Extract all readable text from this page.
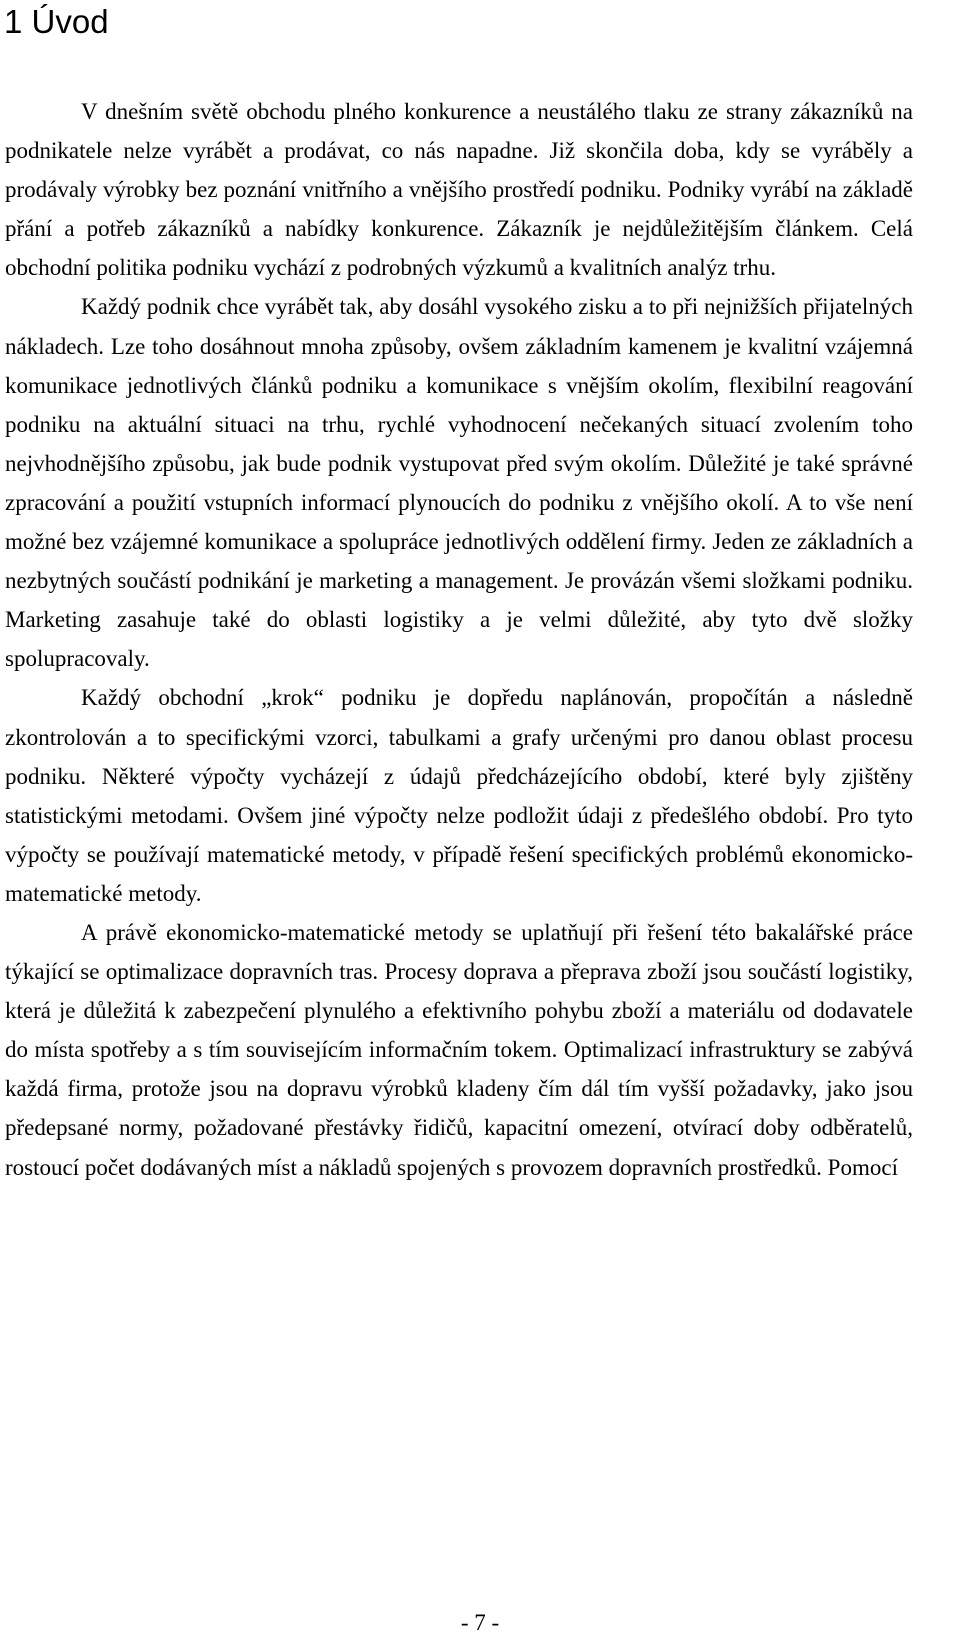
1 Úvod

V dnešním světě obchodu plného konkurence a neustálého tlaku ze strany zákazníků na podnikatele nelze vyrábět a prodávat, co nás napadne. Již skončila doba, kdy se vyráběly a prodávaly výrobky bez poznání vnitřního a vnějšího prostředí podniku. Podniky vyrábí na základě přání a potřeb zákazníků a nabídky konkurence. Zákazník je nejdůležitějším článkem. Celá obchodní politika podniku vychází z podrobných výzkumů a kvalitních analýz trhu.

Každý podnik chce vyrábět tak, aby dosáhl vysokého zisku a to při nejnižších přijatelných nákladech. Lze toho dosáhnout mnoha způsoby, ovšem základním kamenem je kvalitní vzájemná komunikace jednotlivých článků podniku a komunikace s vnějším okolím, flexibilní reagování podniku na aktuální situaci na trhu, rychlé vyhodnocení nečekaných situací zvolením toho nejvhodnějšího způsobu, jak bude podnik vystupovat před svým okolím. Důležité je také správné zpracování a použití vstupních informací plynoucích do podniku z vnějšího okolí. A to vše není možné bez vzájemné komunikace a spolupráce jednotlivých oddělení firmy. Jeden ze základních a nezbytných součástí podnikání je marketing a management. Je provázán všemi složkami podniku. Marketing zasahuje také do oblasti logistiky a je velmi důležité, aby tyto dvě složky spolupracovaly.

Každý obchodní „krok“ podniku je dopředu naplánován, propočítán a následně zkontrolován a to specifickými vzorci, tabulkami a grafy určenými pro danou oblast procesu podniku. Některé výpočty vycházejí z údajů předcházejícího období, které byly zjištěny statistickými metodami. Ovšem jiné výpočty nelze podložit údaji z předešlého období. Pro tyto výpočty se používají matematické metody, v případě řešení specifických problémů ekonomicko-matematické metody.

A právě ekonomicko-matematické metody se uplatňují při řešení této bakalářské práce týkající se optimalizace dopravních tras. Procesy doprava a přeprava zboží jsou součástí logistiky, která je důležitá k zabezpečení plynulého a efektivního pohybu zboží a materiálu od dodavatele do místa spotřeby a s tím souvisejícím informačním tokem. Optimalizací infrastruktury se zabývá každá firma, protože jsou na dopravu výrobků kladeny čím dál tím vyšší požadavky, jako jsou předepsané normy, požadované přestávky řidičů, kapacitní omezení, otvírací doby odběratelů, rostoucí počet dodávaných míst a nákladů spojených s provozem dopravních prostředků. Pomocí

- 7 -
